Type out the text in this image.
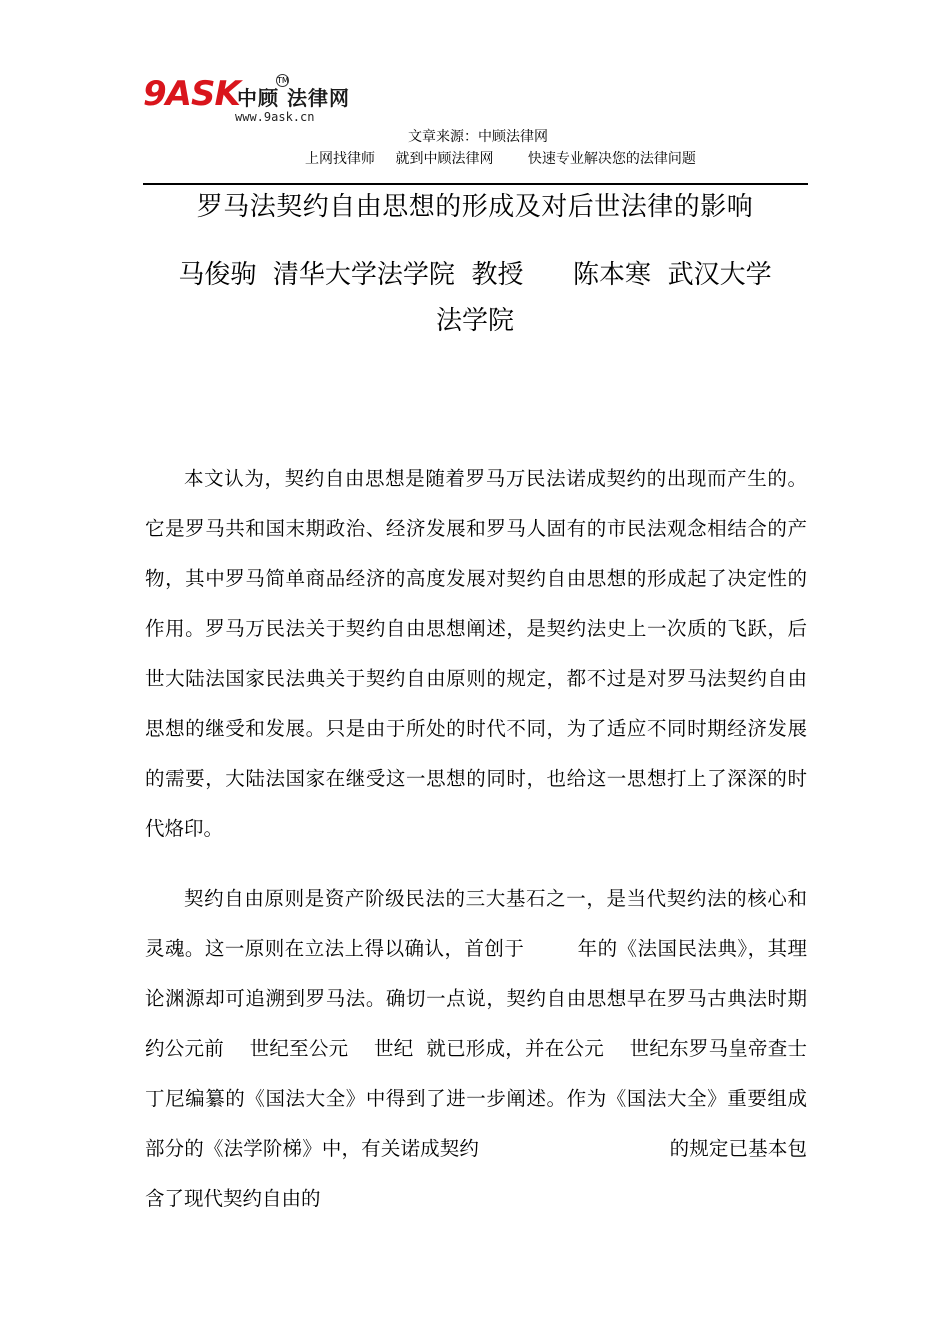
9ASK
中顾 法律网
TM
www.9ask.cn
文章来源：中顾法律网
上网找律师 就到中顾法律网 快速专业解决您的法律问题
罗马法契约自由思想的形成及对后世法律的影响
马俊驹  清华大学法学院  教授      陈本寒  武汉大学
法学院

本文认为，契约自由思想是随着罗马万民法诺成契约的出现而产生的。它是罗马共和国末期政治、经济发展和罗马人固有的市民法观念相结合的产物，其中罗马简单商品经济的高度发展对契约自由思想的形成起了决定性的作用。罗马万民法关于契约自由思想阐述，是契约法史上一次质的飞跃，后世大陆法国家民法典关于契约自由原则的规定，都不过是对罗马法契约自由思想的继受和发展。只是由于所处的时代不同，为了适应不同时期经济发展的需要，大陆法国家在继受这一思想的同时，也给这一思想打上了深深的时代烙印。

契约自由原则是资产阶级民法的三大基石之一，是当代契约法的核心和灵魂。这一原则在立法上得以确认，首创于        年的《法国民法典》，其理论渊源却可追溯到罗马法。确切一点说，契约自由思想早在罗马古典法时期  约公元前    世纪至公元    世纪  就已形成，并在公元    世纪东罗马皇帝查士丁尼编纂的《国法大全》中得到了进一步阐述。作为《国法大全》重要组成部分的《法学阶梯》中，有关诺成契约                              的规定已基本包含了现代契约自由的
